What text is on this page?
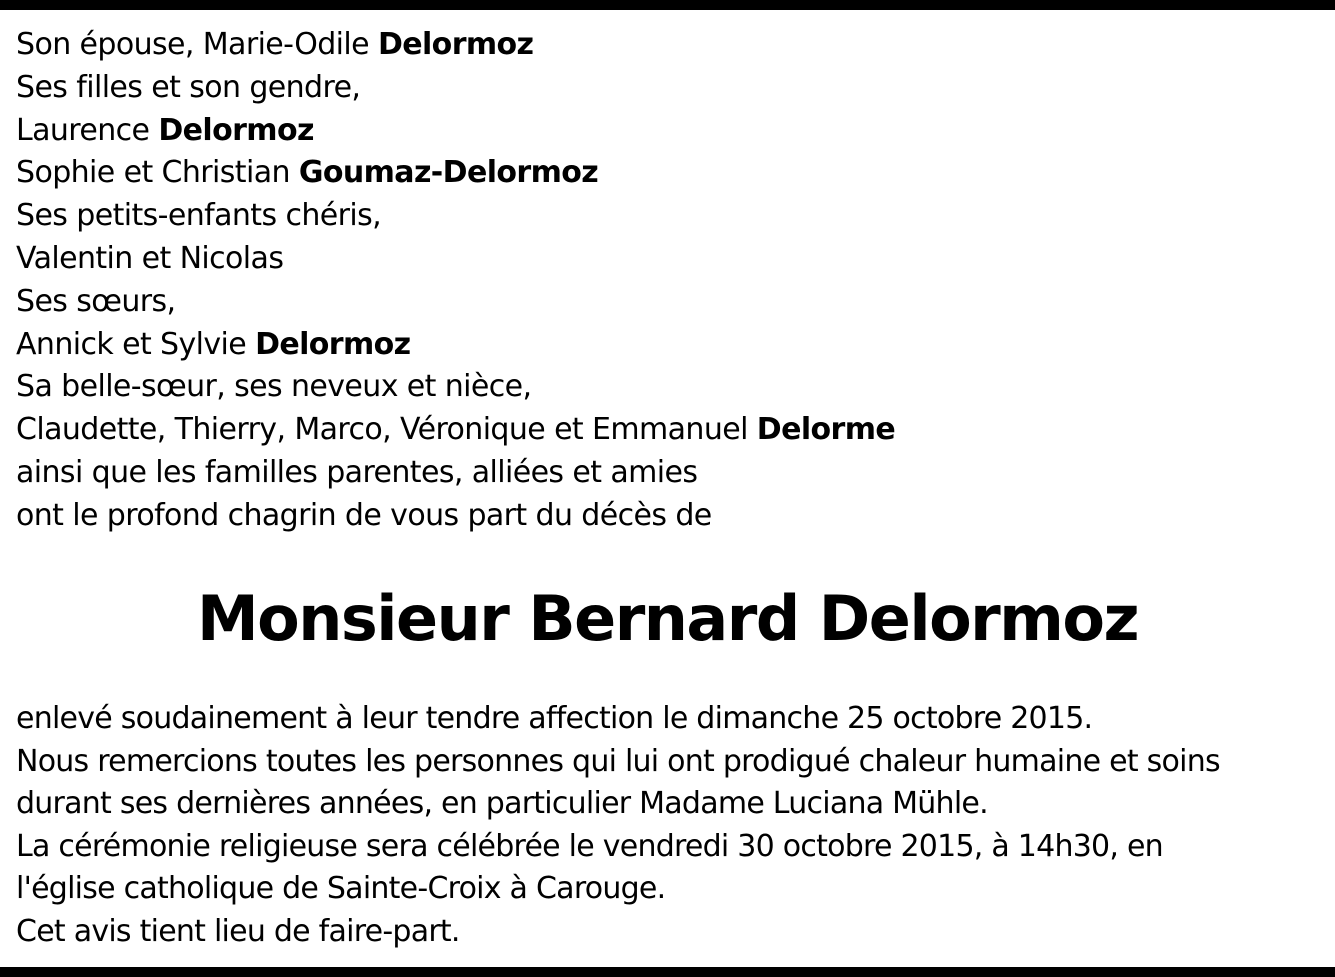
Son épouse, Marie-Odile Delormoz
Ses filles et son gendre,
Laurence Delormoz
Sophie et Christian Goumaz-Delormoz
Ses petits-enfants chéris,
Valentin et Nicolas
Ses sœurs,
Annick et Sylvie Delormoz
Sa belle-sœur, ses neveux et nièce,
Claudette, Thierry, Marco, Véronique et Emmanuel Delorme
ainsi que les familles parentes, alliées et amies
ont le profond chagrin de vous part du décès de
Monsieur Bernard Delormoz
enlevé soudainement à leur tendre affection le dimanche 25 octobre 2015.
Nous remercions toutes les personnes qui lui ont prodigué chaleur humaine et soins
durant ses dernières années, en particulier Madame Luciana Mühle.
La cérémonie religieuse sera célébrée le vendredi 30 octobre 2015, à 14h30, en
l'église catholique de Sainte-Croix à Carouge.
Cet avis tient lieu de faire-part.
